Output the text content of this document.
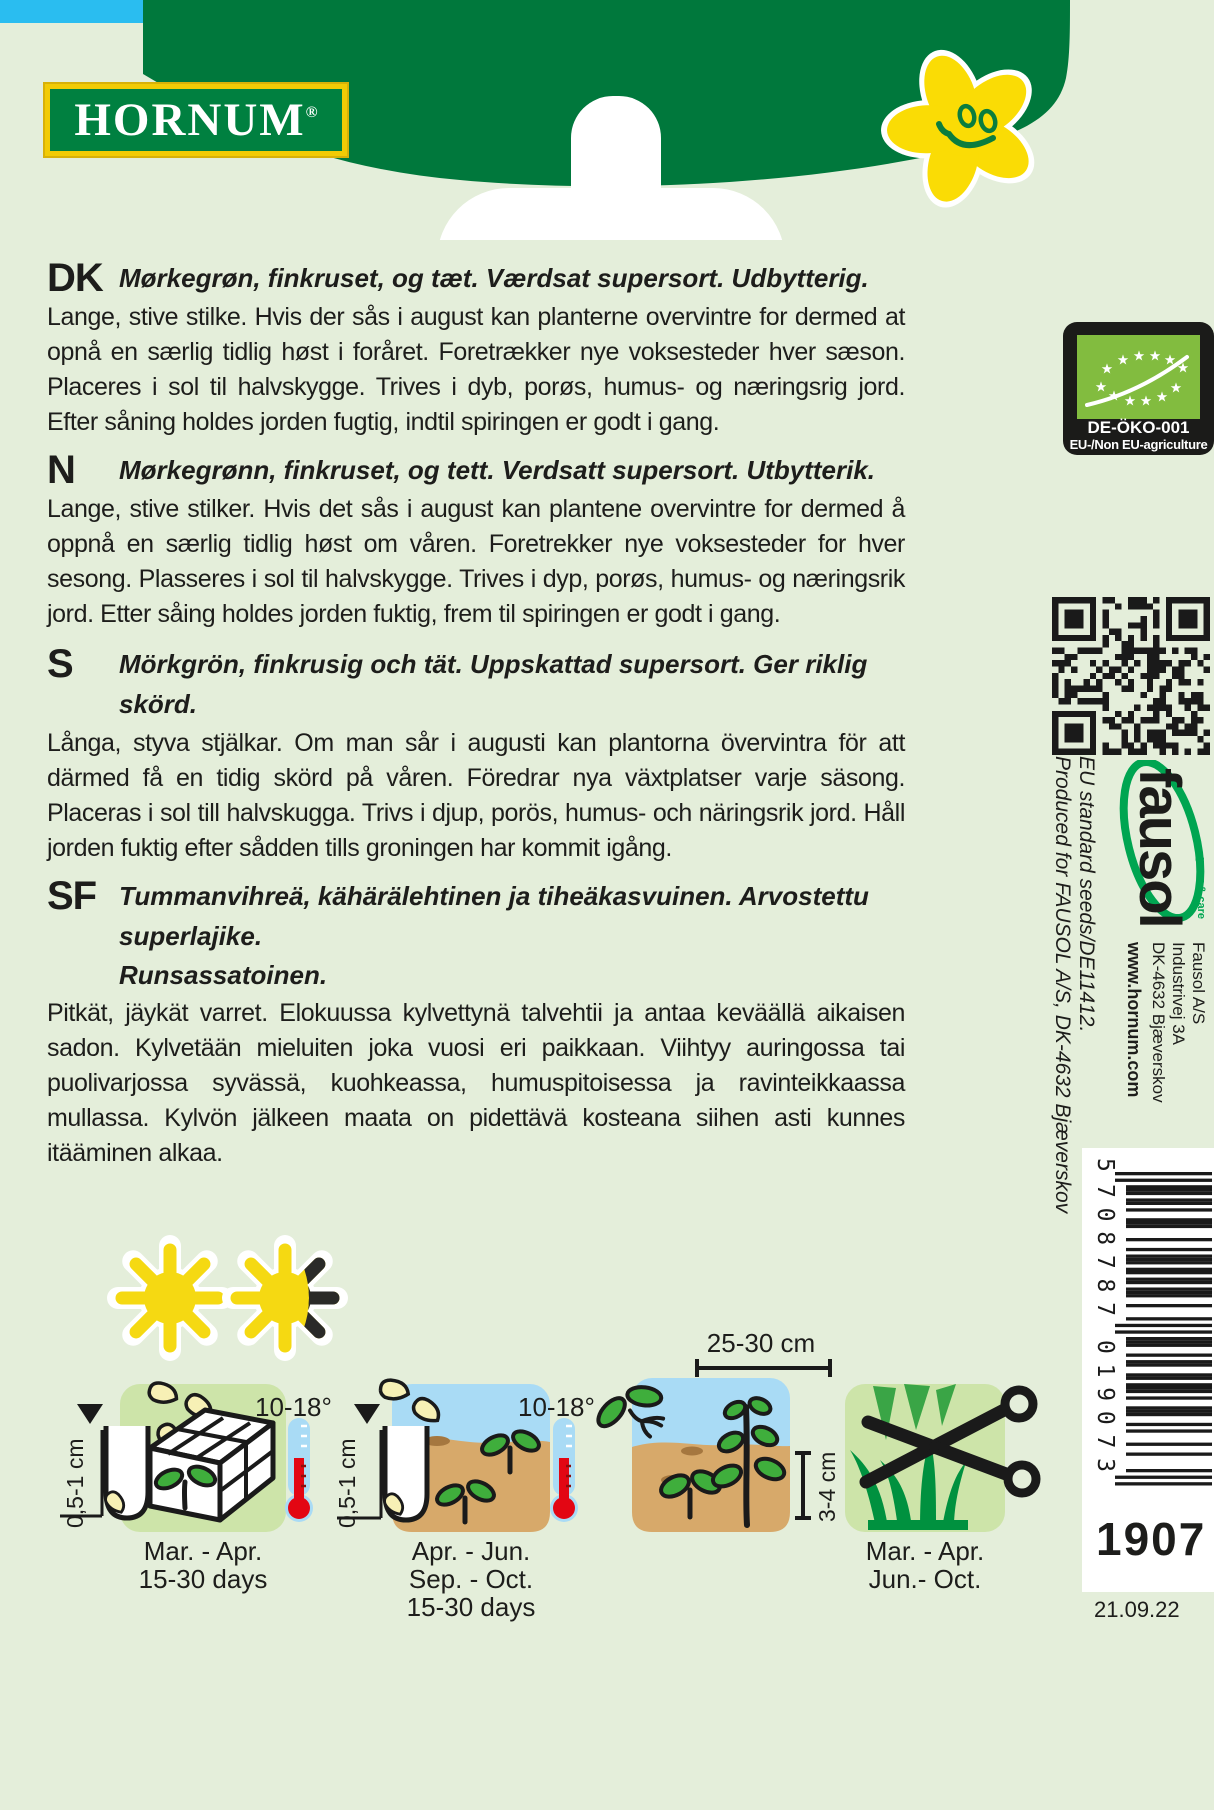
HORNUM®
DK Mørkegrøn, finkruset, og tæt. Værdsat supersort. Udbytterig.
Lange, stive stilke. Hvis der sås i august kan planterne overvintre for dermed at opnå en særlig tidlig høst i foråret. Foretrækker nye voksesteder hver sæson. Placeres i sol til halvskygge. Trives i dyb, porøs, humus- og næringsrig jord. Efter såning holdes jorden fugtig, indtil spiringen er godt i gang.
N	Mørkegrønn, finkruset, og tett. Verdsatt supersort. Utbytterik.
Lange, stive stilker. Hvis det sås i august kan plantene overvintre for dermed å oppnå en særlig tidlig høst om våren. Foretrekker nye voksesteder for hver sesong. Plasseres i sol til halvskygge. Trives i dyp, porøs, humus- og næringsrik jord. Etter såing holdes jorden fuktig, frem til spiringen er godt i gang.
S	Mörkgrön, finkrusig och tät. Uppskattad supersort. Ger riklig skörd.
Långa, styva stjälkar. Om man sår i augusti kan plantorna övervintra för att därmed få en tidig skörd på våren. Föredrar nya växtplatser varje säsong. Placeras i sol till halvskugga. Trivs i djup, porös, humus- och näringsrik jord. Håll jorden fuktig efter sådden tills groningen har kommit igång.
SF Tummanvihreä, kähärälehtinen ja tiheäkasvuinen. Arvostettu superlajike.
Runsassatoinen.
Pitkät, jäykät varret. Elokuussa kylvettynä talvehtii ja antaa keväällä aikaisen sadon. Kylvetään mieluiten joka vuosi eri paikkaan. Viihtyy auringossa tai puolivarjossa syvässä, kuohkeassa, humuspitoisessa ja ravinteikkaassa mullassa. Kylvön jälkeen maata on pidettävä kosteana siihen asti kunnes itääminen alkaa.
DE-ÖKO-001
EU-/Non EU-agriculture
EU standard seeds/DE11412.
Produced for FAUSOL A/S, DK-4632 Bjæverskov fausol grow & care
Fausol A/S
Industrivej 3A
DK-4632 Bjæverskov
www.hornum.com
5
708787
019073
1907
21.09.22
0,5-1 cm	0,5-1 cm
10-18°	10-18°
25-30 cm
3-4 cm
Mar. - Apr.
15-30 days
Apr. - Jun.
Sep. - Oct.
15-30 days
Mar. - Apr.
Jun.- Oct.
